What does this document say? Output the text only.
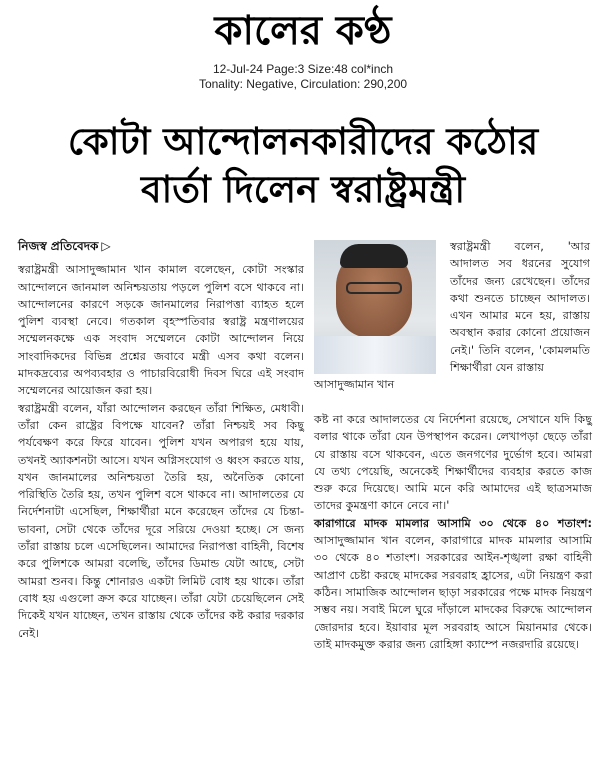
কালের কণ্ঠ
12-Jul-24 Page:3 Size:48 col*inch
Tonality: Negative, Circulation: 290,200
কোটা আন্দোলনকারীদের কঠোর
বার্তা দিলেন স্বরাষ্ট্রমন্ত্রী
নিজস্ব প্রতিবেদক ▷

স্বরাষ্ট্রমন্ত্রী আসাদুজ্জামান খান কামাল বলেছেন, কোটা সংস্কার আন্দোলনে জানমাল অনিশ্চয়তায় পড়লে পুলিশ বসে থাকবে না। আন্দোলনের কারণে সড়কে জানমালের নিরাপত্তা ব্যাহত হলে পুলিশ ব্যবস্থা নেবে। গতকাল বৃহস্পতিবার স্বরাষ্ট্র মন্ত্রণালয়ের সম্মেলনকক্ষে এক সংবাদ সম্মেলনে কোটা আন্দোলন নিয়ে সাংবাদিকদের বিভিন্ন প্রশ্নের জবাবে মন্ত্রী এসব কথা বলেন। মাদকদ্রব্যের অপব্যবহার ও পাচারবিরোধী দিবস ঘিরে এই সংবাদ সম্মেলনের আয়োজন করা হয়।

স্বরাষ্ট্রমন্ত্রী বলেন, যাঁরা আন্দোলন করছেন তাঁরা শিক্ষিত, মেধাবী। তাঁরা কেন রাষ্ট্রের বিপক্ষে যাবেন? তাঁরা নিশ্চয়ই সব কিছু পর্যবেক্ষণ করে ফিরে যাবেন। পুলিশ যখন অপারগ হয়ে যায়, তখনই অ্যাকশনটা আসে। যখন অগ্নিসংযোগ ও ধ্বংস করতে যায়, যখন জানমালের অনিশ্চয়তা তৈরি হয়, অনৈতিক কোনো পরিস্থিতি তৈরি হয়, তখন পুলিশ বসে থাকবে না। আদালতের যে নির্দেশনাটা এসেছিল, শিক্ষার্থীরা মনে করেছেন তাঁদের যে চিন্তা-ভাবনা, সেটা থেকে তাঁদের দূরে সরিয়ে দেওয়া হচ্ছে। সে জন্য তাঁরা রাস্তায় চলে এসেছিলেন। আমাদের নিরাপত্তা বাহিনী, বিশেষ করে পুলিশকে আমরা বলেছি, তাঁদের ডিমান্ড যেটা আছে, সেটা আমরা শুনব। কিন্তু শোনারও একটা লিমিট বোধ হয় থাকে। তাঁরা বোধ হয় এগুলো ক্রস করে যাচ্ছেন। তাঁরা যেটা চেয়েছিলেন সেই দিকেই যখন যাচ্ছেন, তখন রাস্তায় থেকে তাঁদের কষ্ট করার দরকার নেই।

আসাদুজ্জামান খান
স্বরাষ্ট্রমন্ত্রী বলেন, 'আর আদালত সব ধরনের সুযোগ তাঁদের জন্য রেখেছেন। তাঁদের কথা শুনতে চাচ্ছেন আদালত। এখন আমার মনে হয়, রাস্তায় অবস্থান করার কোনো প্রয়োজন নেই।' তিনি বলেন, 'কোমলমতি শিক্ষার্থীরা যেন রাস্তায়

কষ্ট না করে আদালতের যে নির্দেশনা রয়েছে, সেখানে যদি কিছু বলার থাকে তাঁরা যেন উপস্থাপন করেন। লেখাপড়া ছেড়ে তাঁরা যে রাস্তায় বসে থাকবেন, এতে জনগণের দুর্ভোগ হবে। আমরা যে তথ্য পেয়েছি, অনেকেই শিক্ষার্থীদের ব্যবহার করতে কাজ শুরু করে দিয়েছে। আমি মনে করি আমাদের এই ছাত্রসমাজ তাদের কুমন্ত্রণা কানে নেবে না।'

কারাগারে মাদক মামলার আসামি ৩০ থেকে ৪০ শতাংশ: আসাদুজ্জামান খান বলেন, কারাগারে মাদক মামলার আসামি ৩০ থেকে ৪০ শতাংশ। সরকারের আইন-শৃঙ্খলা রক্ষা বাহিনী আপ্রাণ চেষ্টা করছে মাদকের সরবরাহ হ্রাসের, এটা নিয়ন্ত্রণ করা কঠিন। সামাজিক আন্দোলন ছাড়া সরকারের পক্ষে মাদক নিয়ন্ত্রণ সম্ভব নয়। সবাই মিলে ঘুরে দাঁড়ালে মাদকের বিরুদ্ধে আন্দোলন জোরদার হবে। ইয়াবার মূল সরবরাহ আসে মিয়ানমার থেকে। তাই মাদকমুক্ত করার জন্য রোহিঙ্গা ক্যাম্পে নজরদারি রয়েছে।
